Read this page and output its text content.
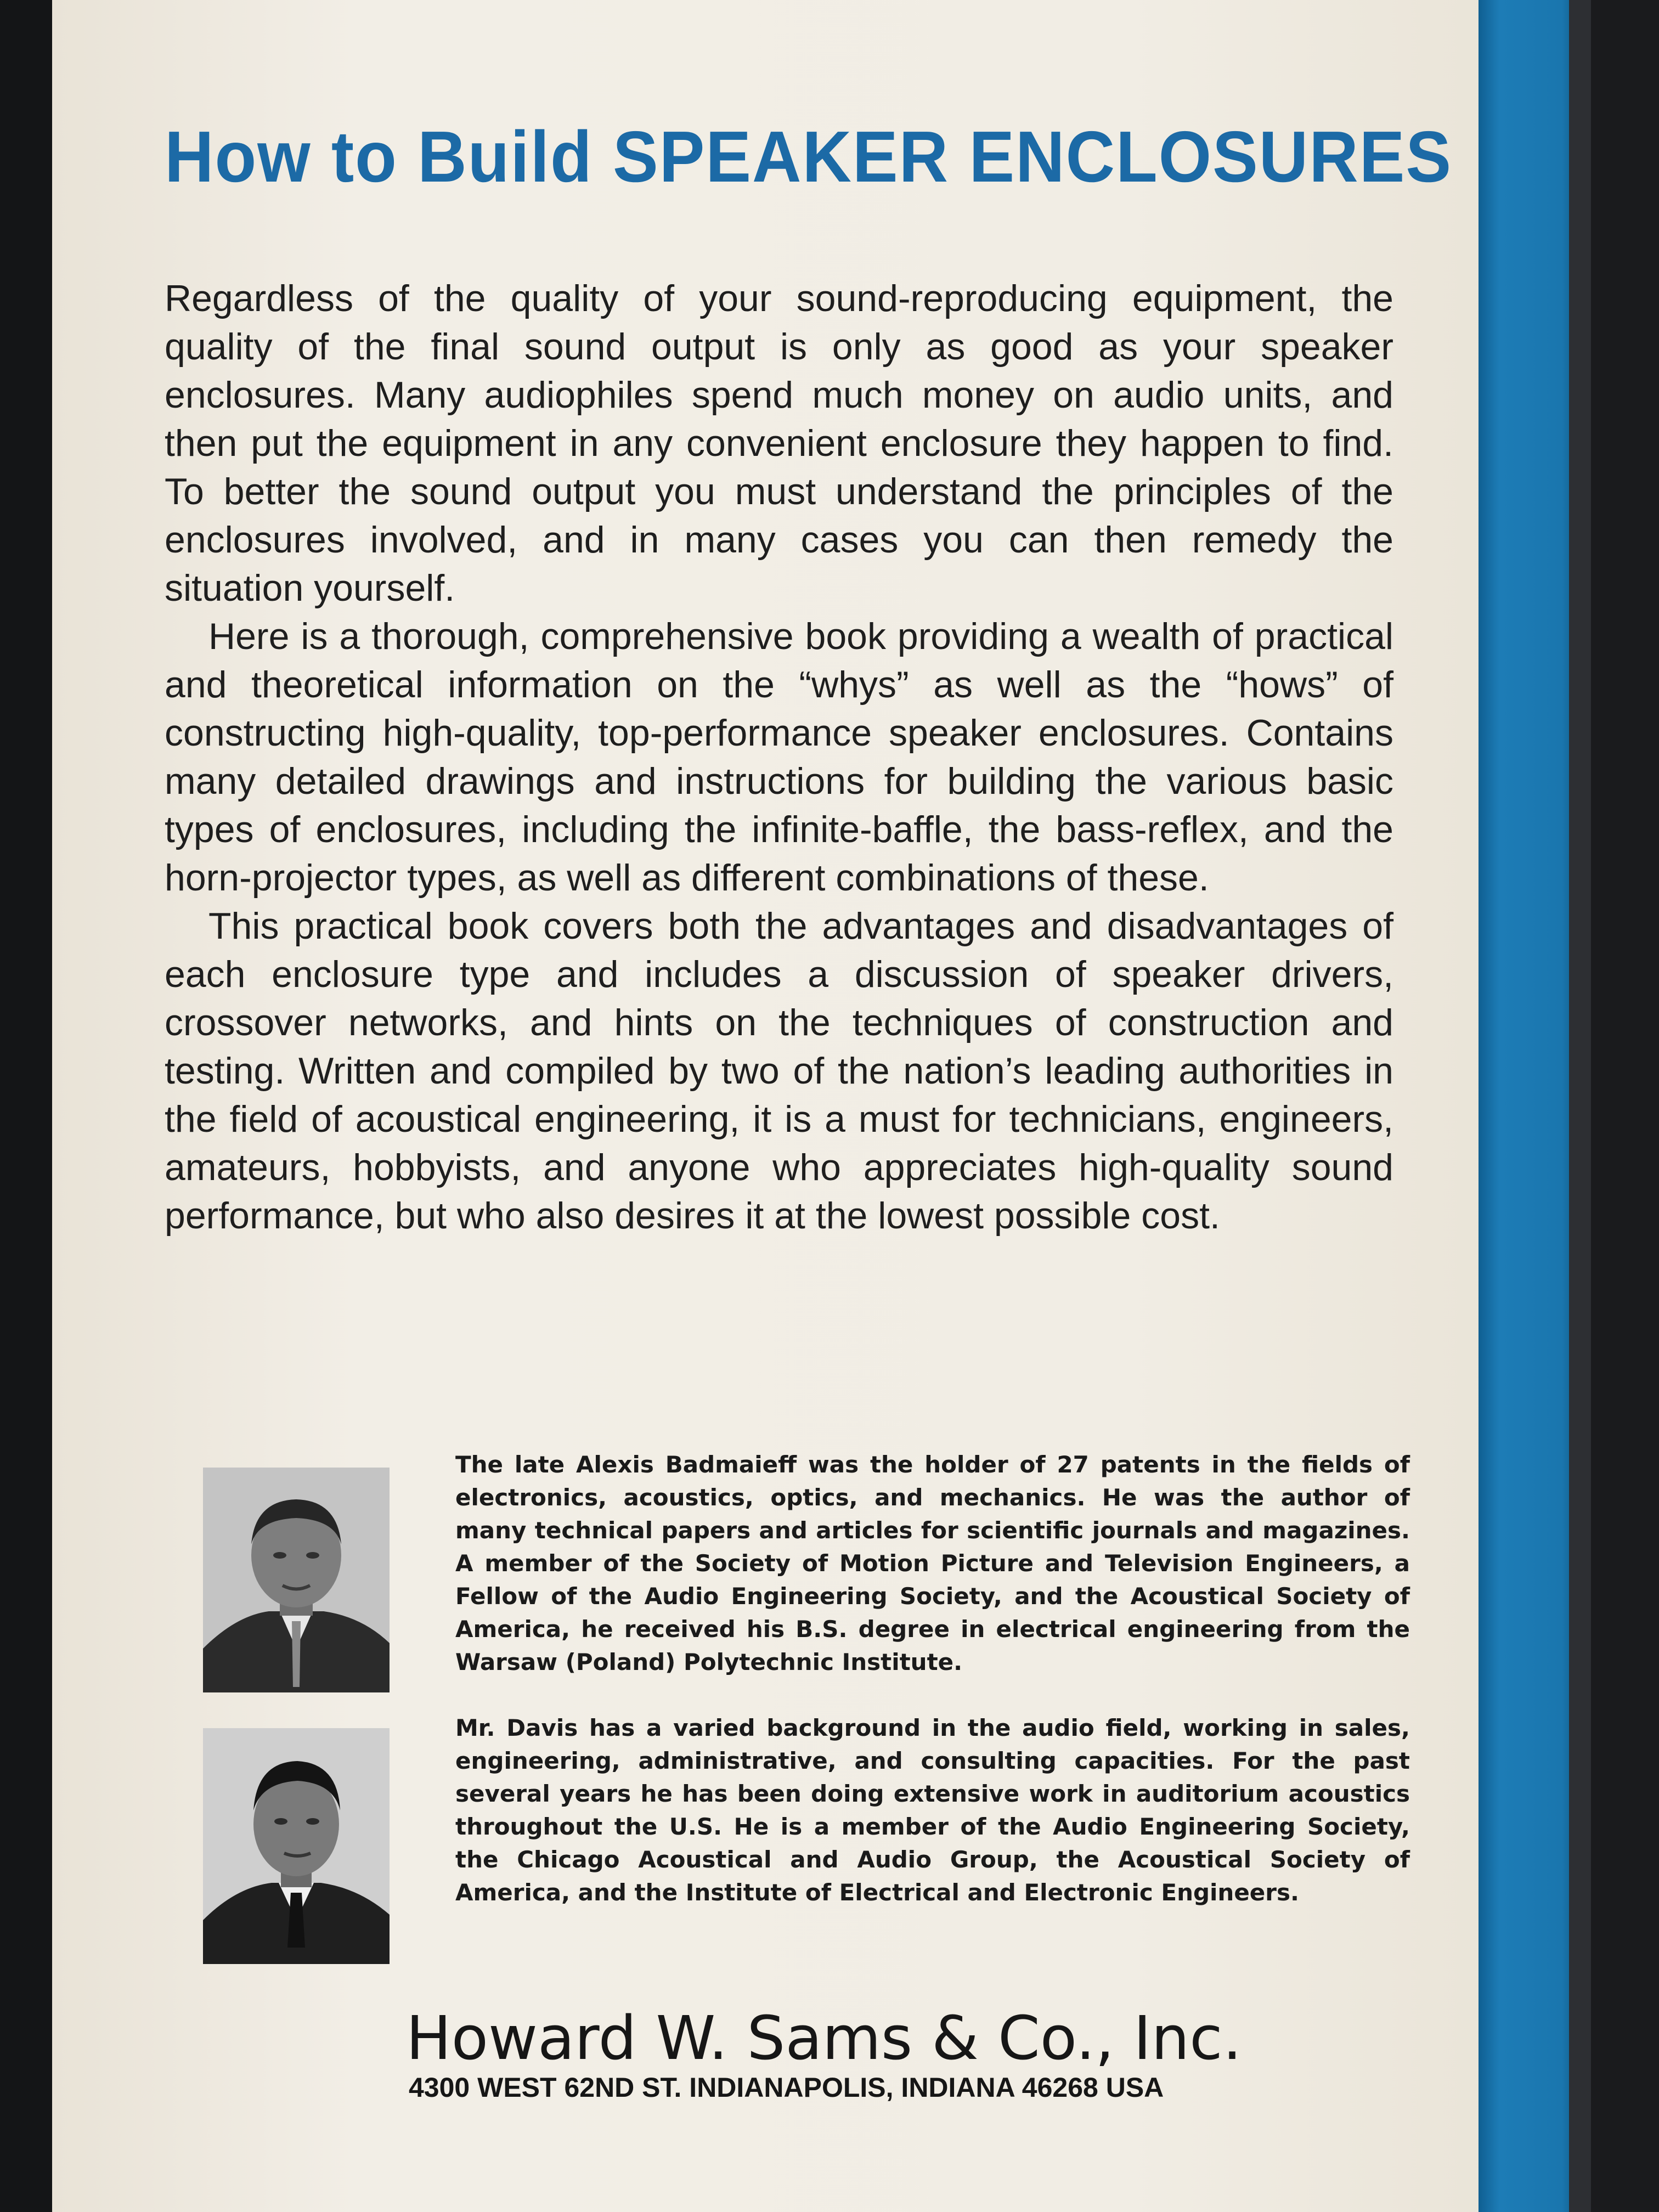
How to Build SPEAKER ENCLOSURES

Regardless of the quality of your sound-reproducing equipment, the quality of the final sound output is only as good as your speaker enclosures. Many audiophiles spend much money on audio units, and then put the equipment in any convenient enclosure they happen to find. To better the sound output you must understand the principles of the enclosures involved, and in many cases you can then remedy the situation yourself.

Here is a thorough, comprehensive book providing a wealth of practical and theoretical information on the “whys” as well as the “hows” of constructing high-quality, top-performance speaker enclosures. Contains many detailed drawings and instructions for building the various basic types of enclosures, including the infinite-baffle, the bass-reflex, and the horn-projector types, as well as different combinations of these.

This practical book covers both the advantages and disadvantages of each enclosure type and includes a discussion of speaker drivers, crossover networks, and hints on the techniques of construction and testing. Written and compiled by two of the nation’s leading authorities in the field of acoustical engineering, it is a must for technicians, engineers, amateurs, hobbyists, and anyone who appreciates high-quality sound performance, but who also desires it at the lowest possible cost.

The late Alexis Badmaieff was the holder of 27 patents in the fields of electronics, acoustics, optics, and mechanics. He was the author of many technical papers and articles for scientific journals and magazines. A member of the Society of Motion Picture and Television Engineers, a Fellow of the Audio Engineering Society, and the Acoustical Society of America, he received his B.S. degree in electrical engineering from the Warsaw (Poland) Polytechnic Institute.

Mr. Davis has a varied background in the audio field, working in sales, engineering, administrative, and consulting capacities. For the past several years he has been doing extensive work in auditorium acoustics throughout the U.S. He is a member of the Audio Engineering Society, the Chicago Acoustical and Audio Group, the Acoustical Society of America, and the Institute of Electrical and Electronic Engineers.

Howard W. Sams & Co., Inc.

4300 WEST 62ND ST. INDIANAPOLIS, INDIANA 46268 USA
